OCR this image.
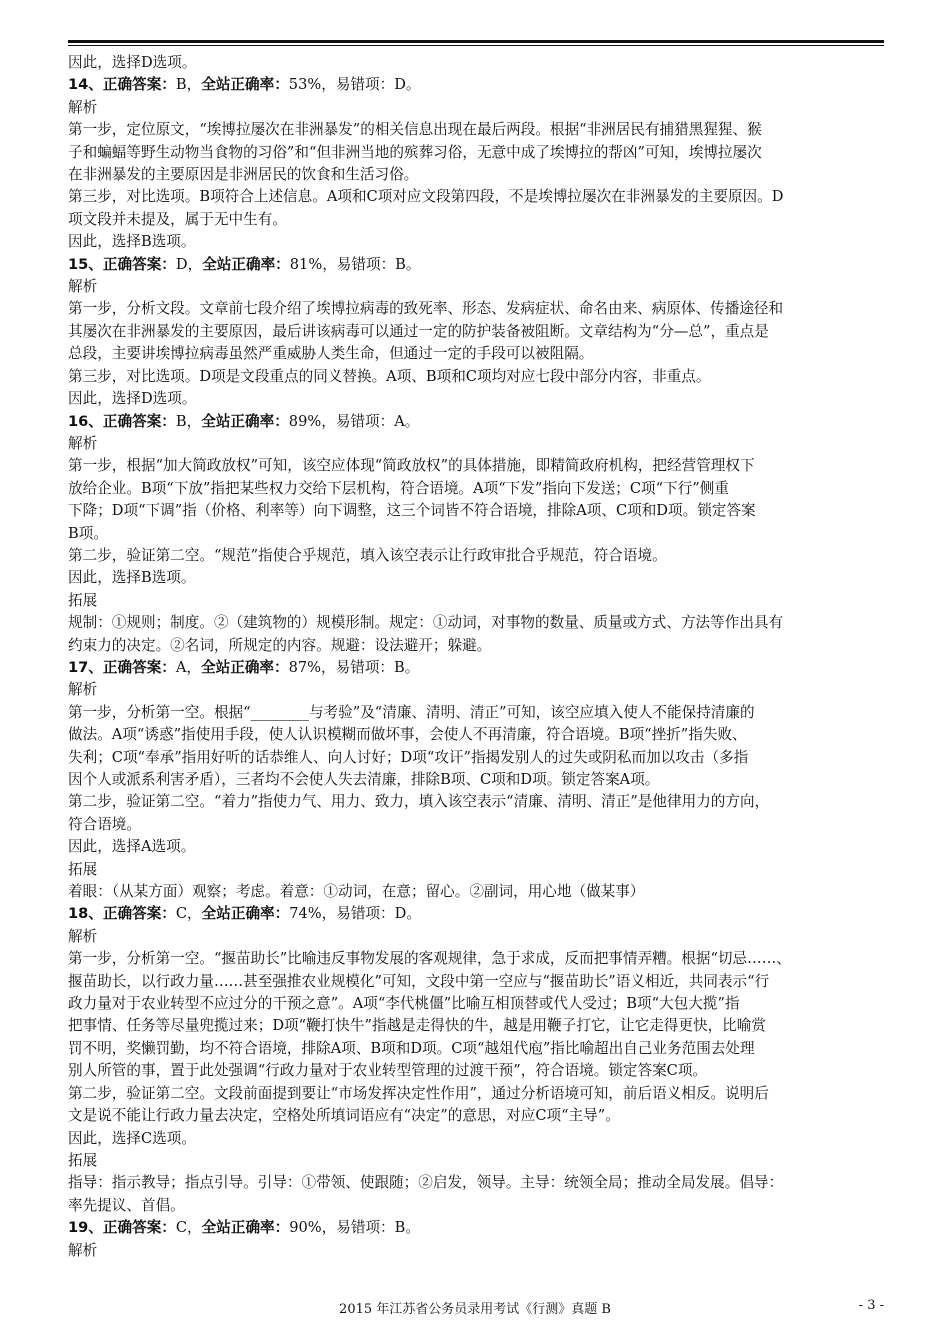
因此，选择D选项。
14、正确答案：B，全站正确率：53%，易错项：D。
解析
第一步，定位原文，“埃博拉屡次在非洲暴发”的相关信息出现在最后两段。根据“非洲居民有捕猎黑猩猩、猴
子和蝙蝠等野生动物当食物的习俗”和“但非洲当地的殡葬习俗，无意中成了埃博拉的帮凶”可知，埃博拉屡次
在非洲暴发的主要原因是非洲居民的饮食和生活习俗。
第三步，对比选项。B项符合上述信息。A项和C项对应文段第四段，不是埃博拉屡次在非洲暴发的主要原因。D
项文段并未提及，属于无中生有。
因此，选择B选项。
15、正确答案：D，全站正确率：81%，易错项：B。
解析
第一步，分析文段。文章前七段介绍了埃博拉病毒的致死率、形态、发病症状、命名由来、病原体、传播途径和
其屡次在非洲暴发的主要原因，最后讲该病毒可以通过一定的防护装备被阻断。文章结构为“分—总”，重点是
总段，主要讲埃博拉病毒虽然严重威胁人类生命，但通过一定的手段可以被阻隔。
第三步，对比选项。D项是文段重点的同义替换。A项、B项和C项均对应七段中部分内容，非重点。
因此，选择D选项。
16、正确答案：B，全站正确率：89%，易错项：A。
解析
第一步，根据“加大简政放权”可知，该空应体现“简政放权”的具体措施，即精简政府机构，把经营管理权下
放给企业。B项“下放”指把某些权力交给下层机构，符合语境。A项“下发”指向下发送；C项“下行”侧重
下降；D项“下调”指（价格、利率等）向下调整，这三个词皆不符合语境，排除A项、C项和D项。锁定答案
B项。
第二步，验证第二空。“规范”指使合乎规范，填入该空表示让行政审批合乎规范，符合语境。
因此，选择B选项。
拓展
规制：①规则；制度。②（建筑物的）规模形制。规定：①动词，对事物的数量、质量或方式、方法等作出具有
约束力的决定。②名词，所规定的内容。规避：设法避开；躲避。
17、正确答案：A，全站正确率：87%，易错项：B。
解析
第一步，分析第一空。根据“________与考验”及“清廉、清明、清正”可知，该空应填入使人不能保持清廉的
做法。A项“诱惑”指使用手段，使人认识模糊而做坏事，会使人不再清廉，符合语境。B项“挫折”指失败、
失利；C项“奉承”指用好听的话恭维人、向人讨好；D项“攻讦”指揭发别人的过失或阴私而加以攻击（多指
因个人或派系利害矛盾），三者均不会使人失去清廉，排除B项、C项和D项。锁定答案A项。
第二步，验证第二空。“着力”指使力气、用力、致力，填入该空表示“清廉、清明、清正”是他律用力的方向，
符合语境。
因此，选择A选项。
拓展
着眼：（从某方面）观察；考虑。着意：①动词，在意；留心。②副词，用心地（做某事）
18、正确答案：C，全站正确率：74%，易错项：D。
解析
第一步，分析第一空。“揠苗助长”比喻违反事物发展的客观规律，急于求成，反而把事情弄糟。根据“切忌……、
揠苗助长，以行政力量……甚至强推农业规模化”可知，文段中第一空应与“揠苗助长”语义相近，共同表示“行
政力量对于农业转型不应过分的干预之意”。A项“李代桃僵”比喻互相顶替或代人受过；B项“大包大揽”指
把事情、任务等尽量兜揽过来；D项“鞭打快牛”指越是走得快的牛，越是用鞭子打它，让它走得更快，比喻赏
罚不明，奖懒罚勤，均不符合语境，排除A项、B项和D项。C项“越俎代庖”指比喻超出自己业务范围去处理
别人所管的事，置于此处强调“行政力量对于农业转型管理的过渡干预”，符合语境。锁定答案C项。
第二步，验证第二空。文段前面提到要让“市场发挥决定性作用”，通过分析语境可知，前后语义相反。说明后
文是说不能让行政力量去决定，空格处所填词语应有“决定”的意思，对应C项“主导”。
因此，选择C选项。
拓展
指导：指示教导；指点引导。引导：①带领、使跟随；②启发，领导。主导：统领全局；推动全局发展。倡导：
率先提议、首倡。
19、正确答案：C，全站正确率：90%，易错项：B。
解析
2015 年江苏省公务员录用考试《行测》真题 B	- 3 -
